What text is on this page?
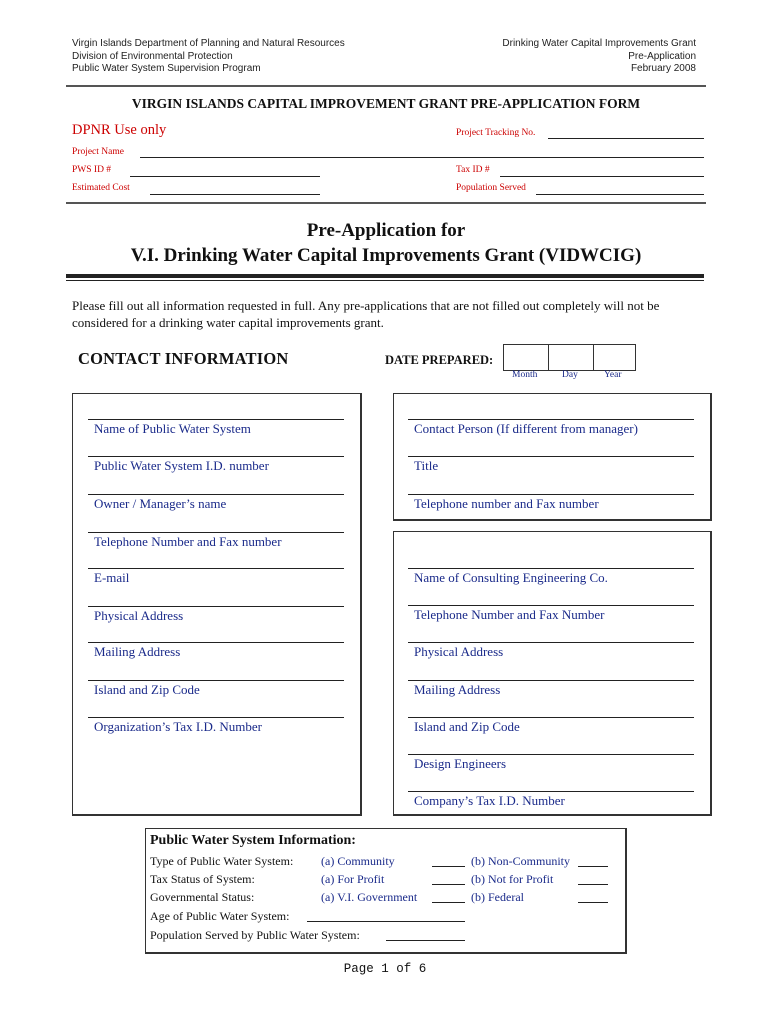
Virgin Islands Department of Planning and Natural Resources
Division of Environmental Protection
Public Water System Supervision Program
Drinking Water Capital Improvements Grant
Pre-Application
February 2008
VIRGIN ISLANDS CAPITAL IMPROVEMENT GRANT PRE-APPLICATION FORM
DPNR Use only	Project Tracking No.
Project Name
PWS ID #	Tax ID #
Estimated Cost	Population Served
Pre-Application for
V.I. Drinking Water Capital Improvements Grant (VIDWCIG)
Please fill out all information requested in full. Any pre-applications that are not filled out completely will not be considered for a drinking water capital improvements grant.
CONTACT INFORMATION	DATE PREPARED:
Month	Day	Year
Name of Public Water System
Public Water System I.D. number
Owner / Manager’s name
Telephone Number and Fax number
E-mail
Physical Address
Mailing Address
Island and Zip Code
Organization’s Tax I.D. Number
Contact Person (If different from manager)
Title
Telephone number and Fax number
Name of Consulting Engineering Co.
Telephone Number and Fax Number
Physical Address
Mailing Address
Island and Zip Code
Design Engineers
Company’s Tax I.D. Number
Public Water System Information:
Type of Public Water System: (a) Community	(b) Non-Community
Tax Status of System:	(a) For Profit	(b) Not for Profit
Governmental Status:	(a) V.I. Government	(b) Federal
Age of Public Water System:
Population Served by Public Water System:
Page 1 of 6
